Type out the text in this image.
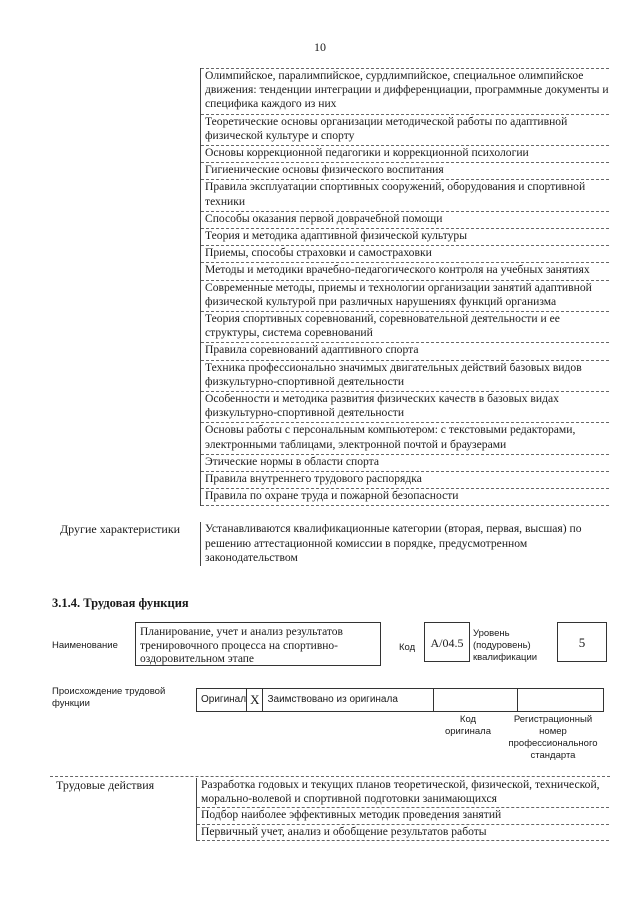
10
Олимпийское, паралимпийское, сурдлимпийское, специальное олимпийское движения: тенденции интеграции и дифференциации, программные документы и специфика каждого из них
Теоретические основы организации методической работы по адаптивной физической культуре и спорту
Основы коррекционной педагогики и коррекционной психологии
Гигиенические основы физического воспитания
Правила эксплуатации спортивных сооружений, оборудования и спортивной техники
Способы оказания первой доврачебной помощи
Теория и методика адаптивной физической культуры
Приемы, способы страховки и самостраховки
Методы и методики врачебно-педагогического контроля на учебных занятиях
Современные методы, приемы и технологии организации занятий адаптивной физической культурой при различных нарушениях функций организма
Теория спортивных соревнований, соревновательной деятельности и ее структуры, система соревнований
Правила соревнований адаптивного спорта
Техника профессионально значимых двигательных действий базовых видов физкультурно-спортивной деятельности
Особенности и методика развития физических качеств в базовых видах физкультурно-спортивной деятельности
Основы работы с персональным компьютером: с текстовыми редакторами, электронными таблицами, электронной почтой и браузерами
Этические нормы в области спорта
Правила внутреннего трудового распорядка
Правила по охране труда и пожарной безопасности
Другие характеристики	Устанавливаются квалификационные категории (вторая, первая, высшая) по решению аттестационной комиссии в порядке, предусмотренном законодательством
3.1.4. Трудовая функция
Наименование
Планирование, учет и анализ результатов тренировочного процесса на спортивно-оздоровительном этапе
Код	А/04.5
Уровень (подуровень) квалификации
5
Происхождение трудовой функции	Оригинал X Заимствовано из оригинала
Код оригинала
Регистрационный номер профессионального стандарта
Трудовые действия	Разработка годовых и текущих планов теоретической, физической, технической, морально-волевой и спортивной подготовки занимающихся
Подбор наиболее эффективных методик проведения занятий
Первичный учет, анализ и обобщение результатов работы
